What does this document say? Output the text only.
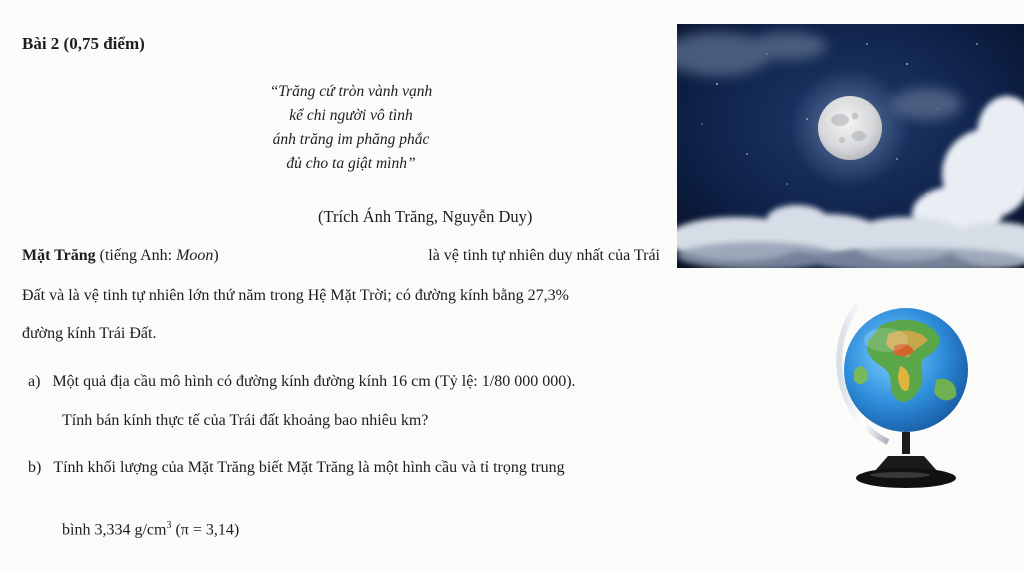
Bài 2 (0,75 điểm)
“Trăng cứ tròn vành vạnh
kể chi người vô tình
ánh trăng im phăng phắc
đủ cho ta giật mình”
(Trích Ánh Trăng, Nguyễn Duy)
Mặt Trăng (tiếng Anh: Moon)	là vệ tinh tự nhiên duy nhất của Trái
Đất và là vệ tinh tự nhiên lớn thứ năm trong Hệ Mặt Trời; có đường kính bằng 27,3%
đường kính Trái Đất.
a) Một quả địa cầu mô hình có đường kính đường kính 16 cm (Tỷ lệ: 1/80 000 000).
Tính bán kính thực tế của Trái đất khoảng bao nhiêu km?
b) Tính khối lượng của Mặt Trăng biết Mặt Trăng là một hình cầu và tỉ trọng trung
bình 3,334 $g/cm^3$ (π = 3,14)
